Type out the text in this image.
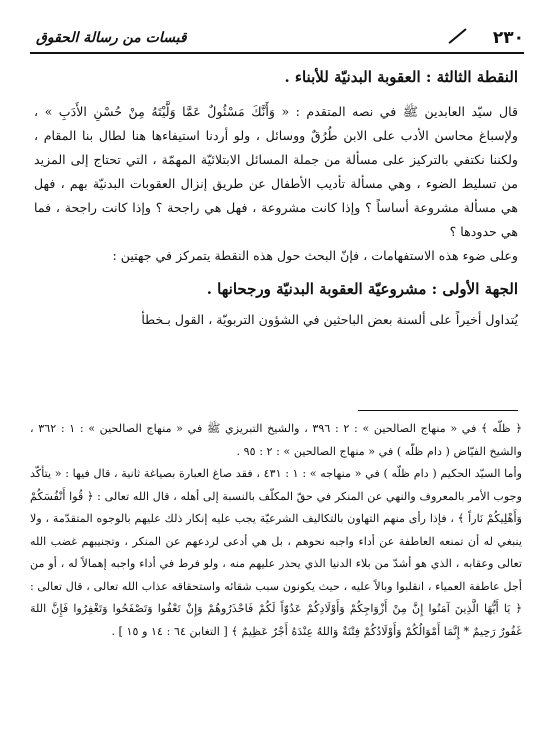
٢٣٠
قبسات من رسالة الحقوق

النقطة الثالثة : العقوبة البدنيّة للأبناء .

قال سيّد العابدين ﷺ في نصه المتقدم : « وَأَنَّكَ مَسْئُولٌ عَمَّا وَلَّيْتَهُ مِنْ حُسْنِ الأَدَبِ » ، ولإسباغ محاسن الأدب على الابن طُرُقٌ ووسائل ، ولو أردنا استيفاءها هنا لطال بنا المقام ، ولكننا نكتفي بالتركيز على مسألة من جملة المسائل الابتلائيّة المهمّة ، التي تحتاج إلى المزيد من تسليط الضوء ، وهي مسألة تأديب الأطفال عن طريق إنزال العقوبات البدنيّة بهم ، فهل هي مسألة مشروعة أساساً ؟ وإذا كانت مشروعة ، فهل هي راجحة ؟ وإذا كانت راجحة ، فما هي حدودها ؟

وعلى ضوء هذه الاستفهامات ، فإنّ البحث حول هذه النقطة يتمركز في جهتين :

الجهة الأولى : مشروعيّة العقوبة البدنيّة ورجحانها .

يُتداول أخيراً على ألسنة بعض الباحثين في الشؤون التربويّة ، القول بـخطأ

﴿ ظلّه ﴾ في « منهاج الصالحين » : ٢ : ٣٩٦ ، والشيخ التبريزي ﷺ في « منهاج الصالحين » : ١ : ٣٦٢ ، والشيخ الفيّاض ( دام ظلّه ) في « منهاج الصالحين » : ٢ : ٩٥ .

وأما السيّد الحكيم ( دام ظلّه ) في « منهاجه » : ١ : ٤٣١ ، فقد صاغ العبارة بصياغة ثانية ، قال فيها : « يتأكّد وجوب الأمر بالمعروف والنهي عن المنكر في حقّ المكلّف بالنسبة إلى أهله ، قال الله تعالى : ﴿ قُوا أَنْفُسَكُمْ وَأَهْلِيكُمْ نَاراً ﴾ ، فإذا رأى منهم التهاون بالتكاليف الشرعيّة يجب عليه إنكار ذلك عليهم بالوجوه المتقدّمة ، ولا ينبغي له أن تمنعه العاطفة عن أداء واجبه نحوهم ، بل هي أدعى لردعهم عن المنكر ، وتجنيبهم غضب الله تعالى وعقابه ، الذي هو أشدّ من بلاء الدنيا الذي يحذر عليهم منه ، ولو فرط في أداء واجبه إهمالاً له ، أو من أجل عاطفة العمياء ، انقلبوا وبالاً عليه ، حيث يكونون سبب شقائه واستحقاقه عذاب الله تعالى ، قال تعالى : ﴿ يَا أَيُّهَا الَّذِينَ آمَنُوا إِنَّ مِنْ أَزْوَاجِكُمْ وَأَوْلَادِكُمْ عَدُوّاً لَكُمْ فَاحْذَرُوهُمْ وَإِنْ تَعْفُوا وَتَصْفَحُوا وَتَغْفِرُوا فَإِنَّ اللهَ غَفُورٌ رَحِيمٌ * إِنَّمَا أَمْوَالُكُمْ وَأَوْلَادُكُمْ فِتْنَةٌ وَاللهُ عِنْدَهُ أَجْرٌ عَظِيمٌ ﴾ [ التغابن ٦٤ : ١٤ و ١٥ ] .
